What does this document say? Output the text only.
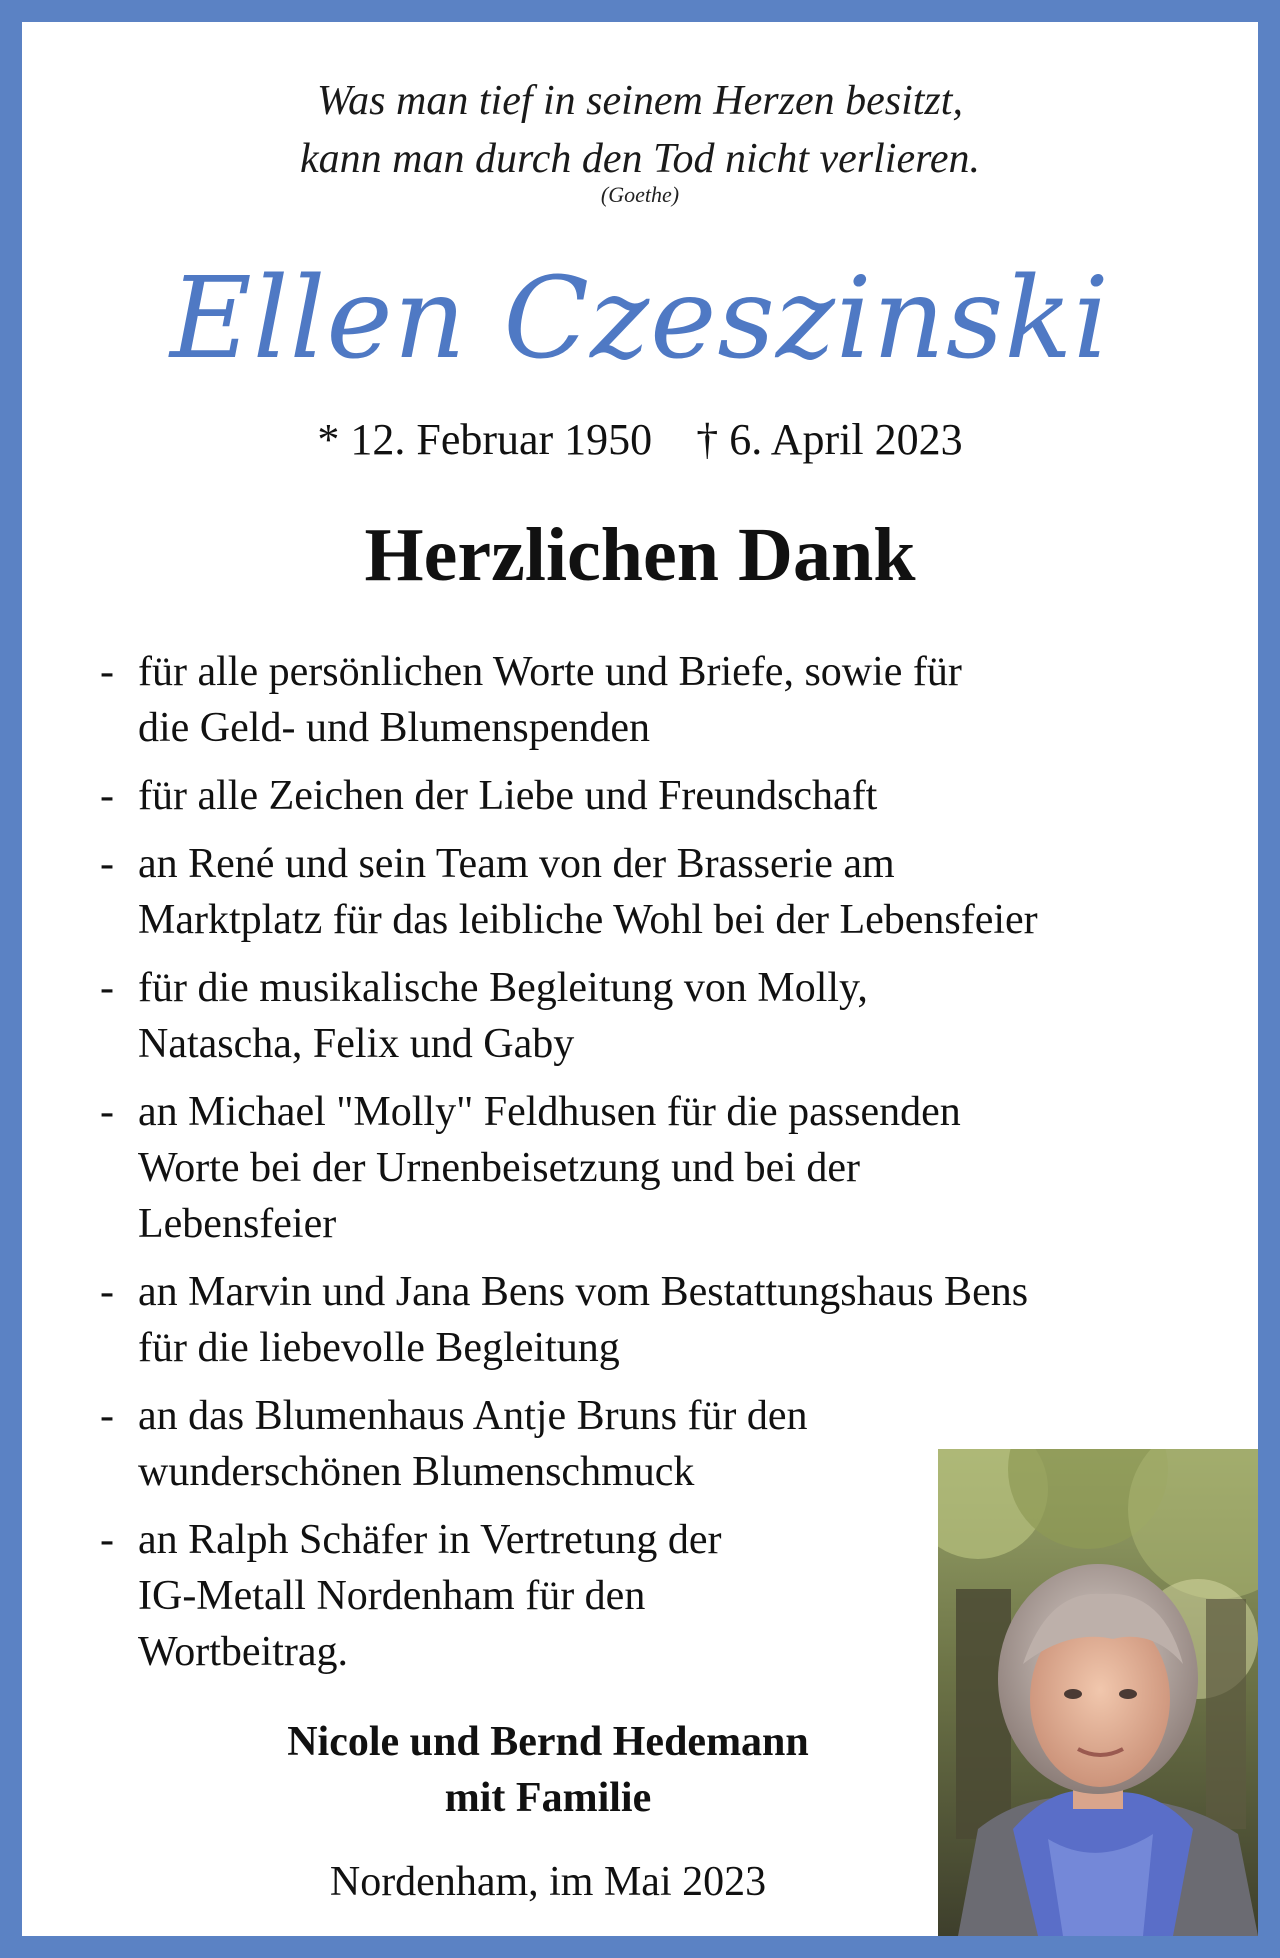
Was man tief in seinem Herzen besitzt,
kann man durch den Tod nicht verlieren.
(Goethe)
Ellen Czeszinski
* 12. Februar 1950 † 6. April 2023
Herzlichen Dank
- für alle persönlichen Worte und Briefe, sowie für
die Geld- und Blumenspenden
- für alle Zeichen der Liebe und Freundschaft
- an René und sein Team von der Brasserie am
Marktplatz für das leibliche Wohl bei der Lebensfeier
- für die musikalische Begleitung von Molly,
Natascha, Felix und Gaby
- an Michael "Molly" Feldhusen für die passenden
Worte bei der Urnenbeisetzung und bei der
Lebensfeier
- an Marvin und Jana Bens vom Bestattungshaus Bens
für die liebevolle Begleitung
- an das Blumenhaus Antje Bruns für den
wunderschönen Blumenschmuck
- an Ralph Schäfer in Vertretung der
IG-Metall Nordenham für den
Wortbeitrag.
Nicole und Bernd Hedemann
mit Familie
Nordenham, im Mai 2023
